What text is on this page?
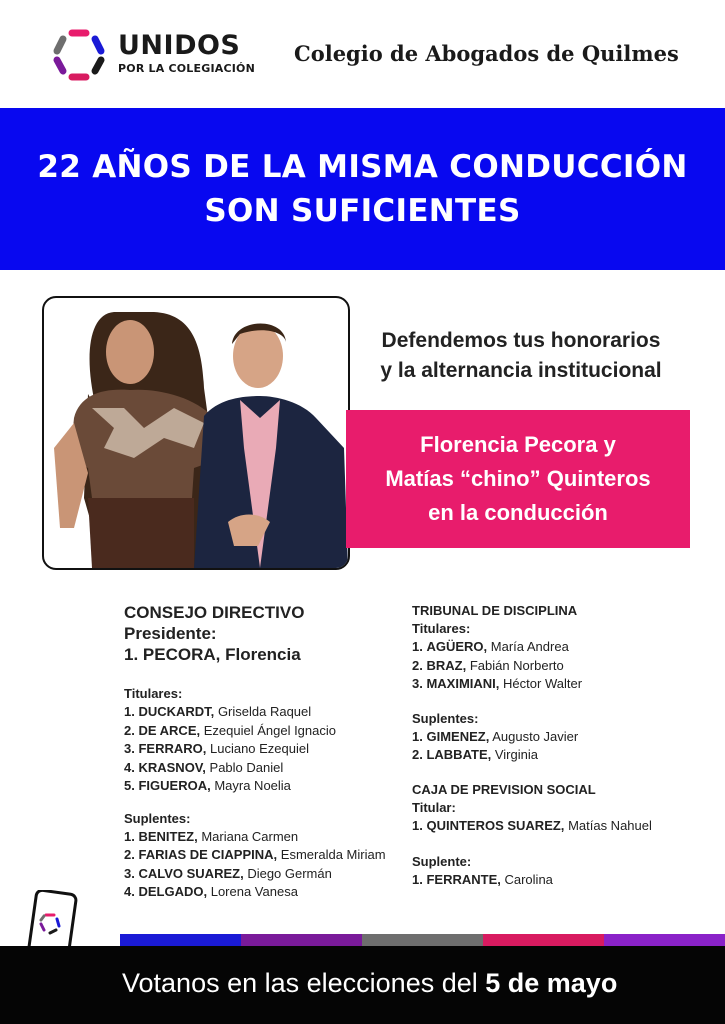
UNIDOS
POR LA COLEGIACIÓN
Colegio de Abogados de Quilmes
22 AÑOS DE LA MISMA CONDUCCIÓN
SON SUFICIENTES
Defendemos tus honorarios
y la alternancia institucional
Florencia Pecora y
Matías “chino” Quinteros
en la conducción
CONSEJO DIRECTIVO
Presidente:
1. PECORA, Florencia
Titulares:
1. DUCKARDT, Griselda Raquel
2. DE ARCE, Ezequiel Ángel Ignacio
3. FERRARO, Luciano Ezequiel
4. KRASNOV, Pablo Daniel
5. FIGUEROA, Mayra Noelia
Suplentes:
1. BENITEZ, Mariana Carmen
2. FARIAS DE CIAPPINA, Esmeralda Miriam
3. CALVO SUAREZ, Diego Germán
4. DELGADO, Lorena Vanesa
TRIBUNAL DE DISCIPLINA
Titulares:
1. AGÜERO, María Andrea
2. BRAZ, Fabián Norberto
3. MAXIMIANI, Héctor Walter
Suplentes:
1. GIMENEZ, Augusto Javier
2. LABBATE, Virginia
CAJA DE PREVISION SOCIAL
Titular:
1. QUINTEROS SUAREZ, Matías Nahuel
Suplente:
1. FERRANTE, Carolina
Votanos en las elecciones del 5 de mayo
